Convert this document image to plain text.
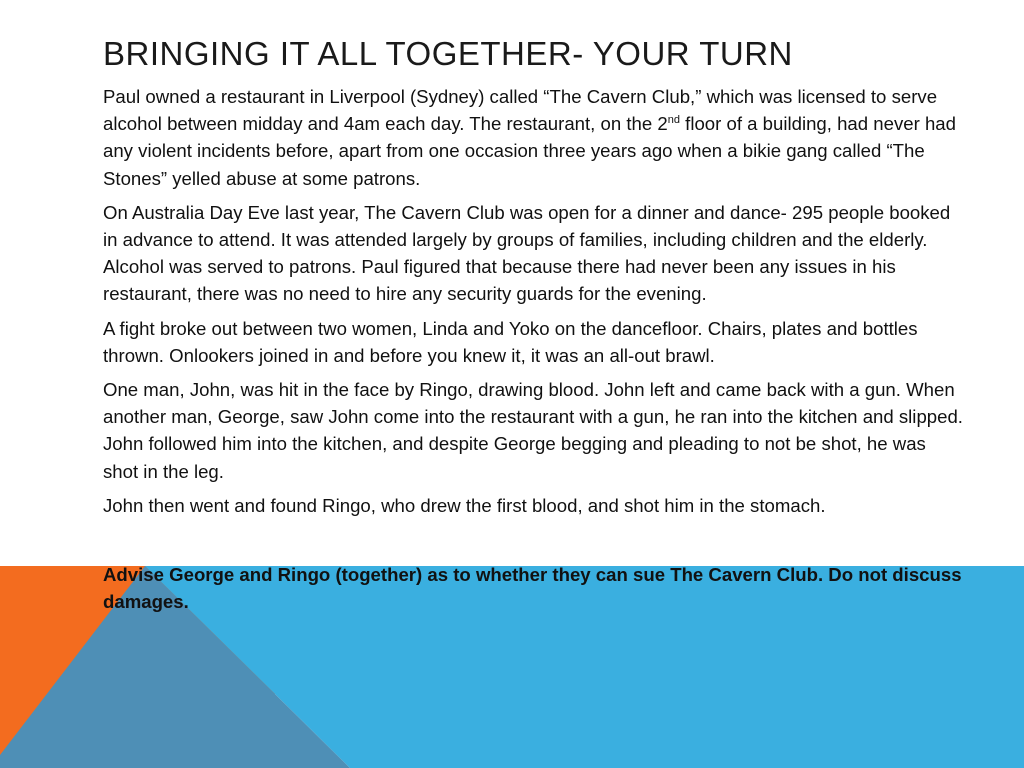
BRINGING IT ALL TOGETHER- YOUR TURN

Paul owned a restaurant in Liverpool (Sydney) called “The Cavern Club,” which was licensed to serve alcohol between midday and 4am each day. The restaurant, on the 2nd floor of a building, had never had any violent incidents before, apart from one occasion three years ago when a bikie gang called “The Stones” yelled abuse at some patrons.

On Australia Day Eve last year, The Cavern Club was open for a dinner and dance- 295 people booked in advance to attend. It was attended largely by groups of families, including children and the elderly. Alcohol was served to patrons. Paul figured that because there had never been any issues in his restaurant, there was no need to hire any security guards for the evening.

A fight broke out between two women, Linda and Yoko on the dancefloor. Chairs, plates and bottles thrown. Onlookers joined in and before you knew it, it was an all-out brawl.

One man, John, was hit in the face by Ringo, drawing blood. John left and came back with a gun. When another man, George, saw John come into the restaurant with a gun, he ran into the kitchen and slipped. John followed him into the kitchen, and despite George begging and pleading to not be shot, he was shot in the leg.

John then went and found Ringo, who drew the first blood, and shot him in the stomach.

Advise George and Ringo (together) as to whether they can sue The Cavern Club. Do not discuss damages.
